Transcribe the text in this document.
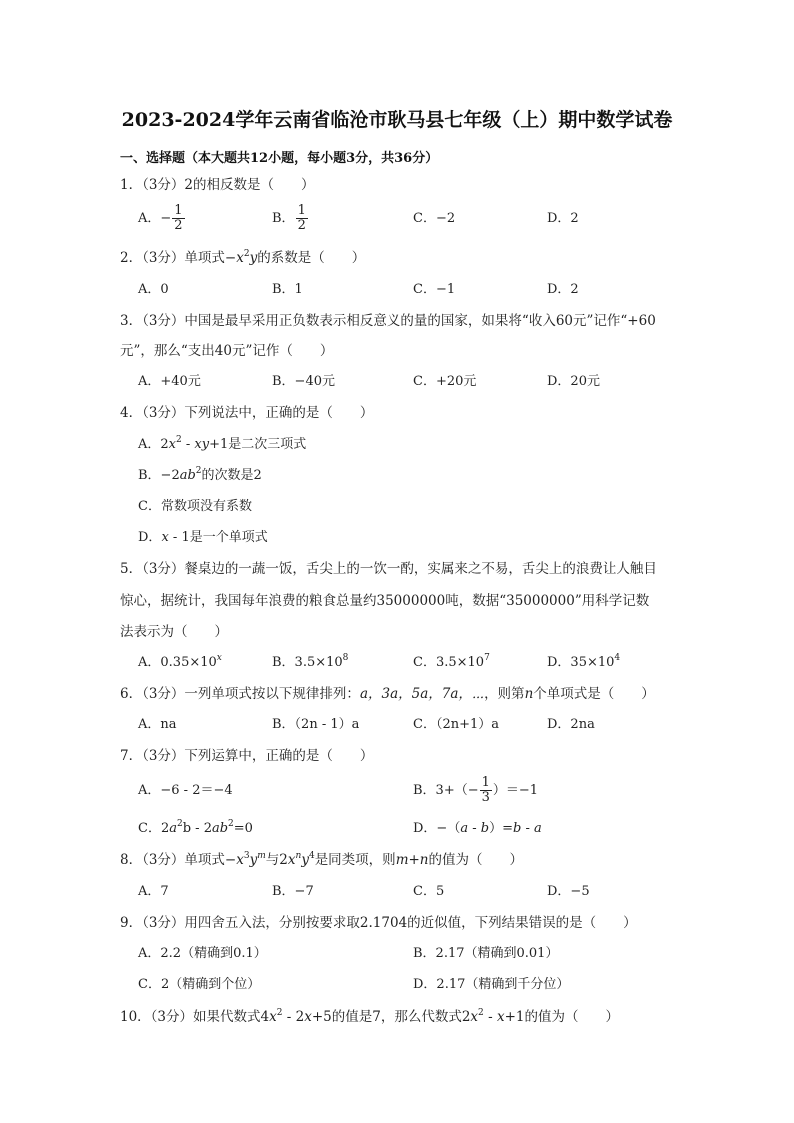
2023-2024学年云南省临沧市耿马县七年级（上）期中数学试卷
一、选择题（本大题共12小题，每小题3分，共36分）
1．（3分）2的相反数是（　　）
A．− $\frac{1}{2}$	B． $\frac{1}{2}$	C．−2	D．2
2．（3分）单项式$-x^2y$的系数是（　　）
A．0	B．1	C．−1	D．2
3．（3分）中国是最早采用正负数表示相反意义的量的国家，如果将“收入60元”记作“+60
元”，那么“支出40元”记作（　　）
A．+40元	B．−40元	C．+20元	D．20元
4．（3分）下列说法中，正确的是（　　）
A．$2x^2 - xy+1$是二次三项式
B．$-2ab^2$的次数是2
C．常数项没有系数
D．x - 1是一个单项式
5．（3分）餐桌边的一蔬一饭，舌尖上的一饮一酌，实属来之不易，舌尖上的浪费让人触目
惊心，据统计，我国每年浪费的粮食总量约35000000吨，数据“35000000”用科学记数
法表示为（　　）
A．$0.35\times 10^x$	B．$3.5\times 10^8$	C．$3.5\times 10^7$	D．$35\times 10^4$
6．（3分）一列单项式按以下规律排列：a，3a，5a，7a，⋯，则第n个单项式是（　　）
A．na	B．（2n - 1）a	C．（2n+1）a	D．2na
7．（3分）下列运算中，正确的是（　　）
A．−6 - 2＝−4	B．$3+(- \frac{1}{3} )=-1$
C．$2a^2b - 2ab^2=0$	D．−（a - b）=b - a
8．（3分）单项式$-x^3y^m$与$2x^ny^4$是同类项，则m+n的值为（　　）
A．7	B．−7	C．5	D．−5
9．（3分）用四舍五入法，分别按要求取2.1704的近似值，下列结果错误的是（　　）
A．2.2（精确到0.1）	B．2.17（精确到0.01）
C．2（精确到个位）	D．2.17（精确到千分位）
10．（3分）如果代数式$4x^2 - 2x+5$的值是7，那么代数式$2x^2 - x+1$的值为（　　）
